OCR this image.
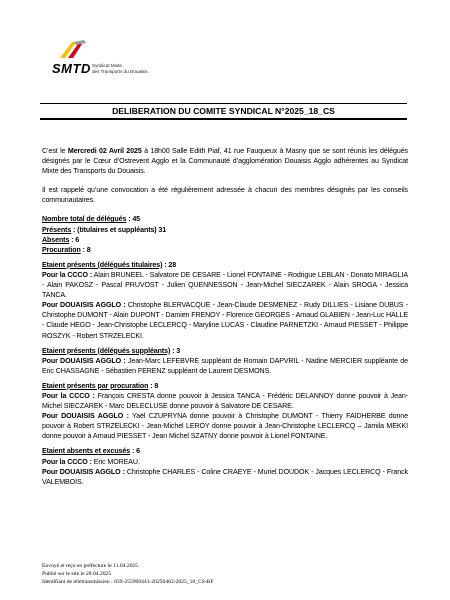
SMTD Syndicat Mixte
des Transports du Douaisis
DELIBERATION DU COMITE SYNDICAL N°2025_18_CS

C’est le Mercredi 02 Avril 2025 à 18h00 Salle Edith Piaf, 41 rue Fauqueux à Masny que se sont réunis les délégués désignés par le Cœur d’Ostrevent Agglo et la Communauté d’agglomération Douaisis Agglo adhérentes au Syndicat Mixte des Transports du Douaisis.

Il est rappelé qu’une convocation a été régulièrement adressée à chacun des membres désignés par les conseils communautaires.

Nombre total de délégués : 45

Présents : (titulaires et suppléants) 31

Absents : 6

Procuration : 8

Etaient présents (délégués titulaires) : 28

Pour la CCCO : Alain BRUNEEL - Salvatore DE CESARE - Lionel FONTAINE - Rodrigue LEBLAN - Donato MIRAGLIA - Alain PAKOSZ - Pascal PRUVOST - Julien QUENNESSON - Jean-Michel SIECZAREK - Alain SROGA - Jessica TANCA.

Pour DOUAISIS AGGLO : Christophe BLERVACQUE - Jean-Claude DESMENEZ - Rudy DILLIES - Lisiane DUBUS - Christophe DUMONT - Alain DUPONT - Damien FRENOY - Florence GEORGES - Arnaud GLABIEN - Jean-Luc HALLE - Claude HEGO - Jean-Christophe LECLERCQ - Maryline LUCAS - Claudine PARNETZKI - Arnaud PIESSET - Philippe ROSZYK - Robert STRZELECKI.

Etaient présents (délégués suppléants) : 3

Pour DOUAISIS AGGLO : Jean-Marc LEFEBVRE suppléant de Romain DAPVRIL - Nadine MERCIER suppléante de Eric CHASSAGNE - Sébastien FERENZ suppléant de Laurent DESMONS.

Etaient présents par procuration : 8

Pour la CCCO : François CRESTA donne pouvoir à Jessica TANCA - Frédéric DELANNOY donne pouvoir à Jean-Michel SIECZAREK - Marc DELECLUSE donne pouvoir à Salvatore DE CESARE.

Pour DOUAISIS AGGLO : Yaël CZUPRYNA donne pouvoir à Christophe DUMONT - Thierry FAIDHERBE donne pouvoir à Robert STRZELECKI - Jean-Michel LEROY donne pouvoir à Jean-Christophe LECLERCQ – Jamila MEKKI donne pouvoir à Arnaud PIESSET - Jean Michel SZATNY donne pouvoir à Lionel FONTAINE.

Etaient absents et excusés : 6

Pour la CCCO : Eric MOREAU.

Pour DOUAISIS AGGLO : Christophe CHARLES - Coline CRAEYE - Muriel DOUDOK - Jacques LECLERCQ - Franck VALEMBOIS.

Envoyé et reçu en préfecture le 11.04.2025
Publié sur le site le 28.04.2025
Identifiant de télétransmission : 059-255900441-20250402-2025_18_CS-BF
